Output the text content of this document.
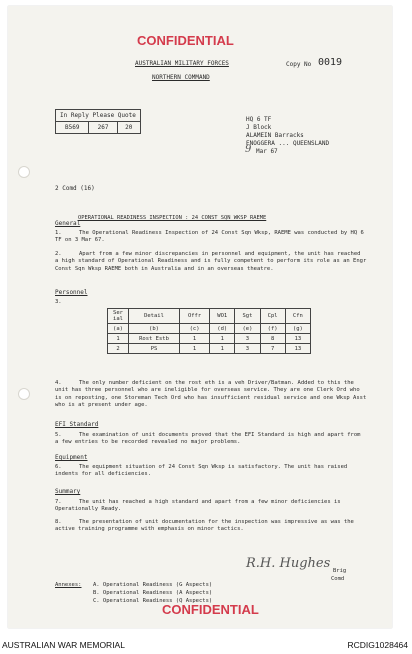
CONFIDENTIAL
AUSTRALIAN MILITARY FORCES
NORTHERN COMMAND
Copy No 0019
In Reply Please Quote
B569	267	20
HQ 6 TF
J Block
ALAMEIN Barracks
ENOGGERA ... QUEENSLAND
9 Mar 67
2 Comd (16)
OPERATIONAL READINESS INSPECTION : 24 CONST SQN WKSP RAEME
General
1.	The Operational Readiness Inspection of 24 Const Sqn Wksp, RAEME was conducted by HQ 6 TF on 3 Mar 67.
2.	Apart from a few minor discrepancies in personnel and equipment, the unit has reached a high standard of Operational Readiness and is fully competent to perform its role as an Engr Const Sqn Wksp RAEME both in Australia and in an overseas theatre.
Personnel
3.
Ser ial	Detail	Offr	WO1	Sgt	Cpl	Cfn
(a)	(b)	(c)	(d)	(e)	(f)	(g)
1	Rost Estb	1	1	3	8	13
2	PS	1	1	3	7	13
4.	The only number deficient on the rost eth is a veh Driver/Batman. Added to this the unit has three personnel who are ineligible for overseas service. They are one Clerk Ord who is on reposting, one Storeman Tech Ord who has insufficient residual service and one Wksp Asst who is at present under age.
EFI Standard
5.	The examination of unit documents proved that the EFI Standard is high and apart from a few entries to be recorded revealed no major problems.
Equipment
6.	The equipment situation of 24 Const Sqn Wksp is satisfactory. The unit has raised indents for all deficiencies.
Summary
7.	The unit has reached a high standard and apart from a few minor deficiencies is Operationally Ready.
8.	The presentation of unit documentation for the inspection was impressive as was the active training programme with emphasis on minor tactics.
R.H. Hughes Brig
Comd
Annexes: A. Operational Readiness (G Aspects)
B. Operational Readiness (A Aspects)
C. Operational Readiness (Q Aspects)
CONFIDENTIAL
AUSTRALIAN WAR MEMORIAL	RCDIG1028464
